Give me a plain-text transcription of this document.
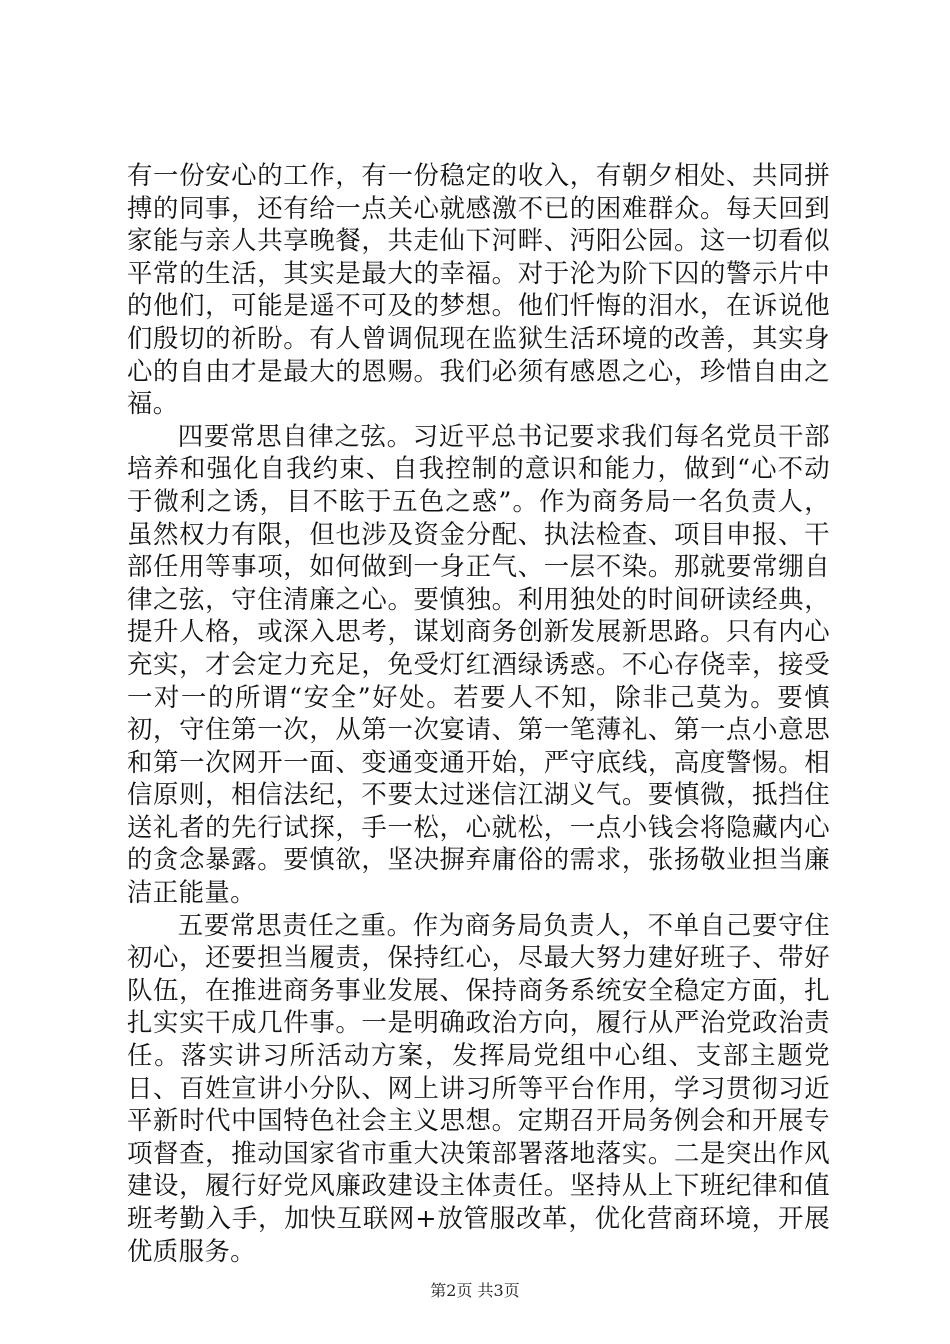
有一份安心的工作，有一份稳定的收入，有朝夕相处、共同拼搏的同事，还有给一点关心就感激不已的困难群众。每天回到家能与亲人共享晚餐，共走仙下河畔、沔阳公园。这一切看似平常的生活，其实是最大的幸福。对于沦为阶下囚的警示片中的他们，可能是遥不可及的梦想。他们忏悔的泪水，在诉说他们殷切的祈盼。有人曾调侃现在监狱生活环境的改善，其实身心的自由才是最大的恩赐。我们必须有感恩之心，珍惜自由之福。

四要常思自律之弦。习近平总书记要求我们每名党员干部培养和强化自我约束、自我控制的意识和能力，做到“心不动于微利之诱，目不眩于五色之惑”。作为商务局一名负责人，虽然权力有限，但也涉及资金分配、执法检查、项目申报、干部任用等事项，如何做到一身正气、一层不染。那就要常绷自律之弦，守住清廉之心。要慎独。利用独处的时间研读经典，提升人格，或深入思考，谋划商务创新发展新思路。只有内心充实，才会定力充足，免受灯红酒绿诱惑。不心存侥幸，接受一对一的所谓“安全”好处。若要人不知，除非己莫为。要慎初，守住第一次，从第一次宴请、第一笔薄礼、第一点小意思和第一次网开一面、变通变通开始，严守底线，高度警惕。相信原则，相信法纪，不要太过迷信江湖义气。要慎微，抵挡住送礼者的先行试探，手一松，心就松，一点小钱会将隐藏内心的贪念暴露。要慎欲，坚决摒弃庸俗的需求，张扬敬业担当廉洁正能量。

五要常思责任之重。作为商务局负责人，不单自己要守住初心，还要担当履责，保持红心，尽最大努力建好班子、带好队伍，在推进商务事业发展、保持商务系统安全稳定方面，扎扎实实干成几件事。一是明确政治方向，履行从严治党政治责任。落实讲习所活动方案，发挥局党组中心组、支部主题党日、百姓宣讲小分队、网上讲习所等平台作用，学习贯彻习近平新时代中国特色社会主义思想。定期召开局务例会和开展专项督查，推动国家省市重大决策部署落地落实。二是突出作风建设，履行好党风廉政建设主体责任。坚持从上下班纪律和值班考勤入手，加快互联网+放管服改革，优化营商环境，开展优质服务。

第2页 共3页
